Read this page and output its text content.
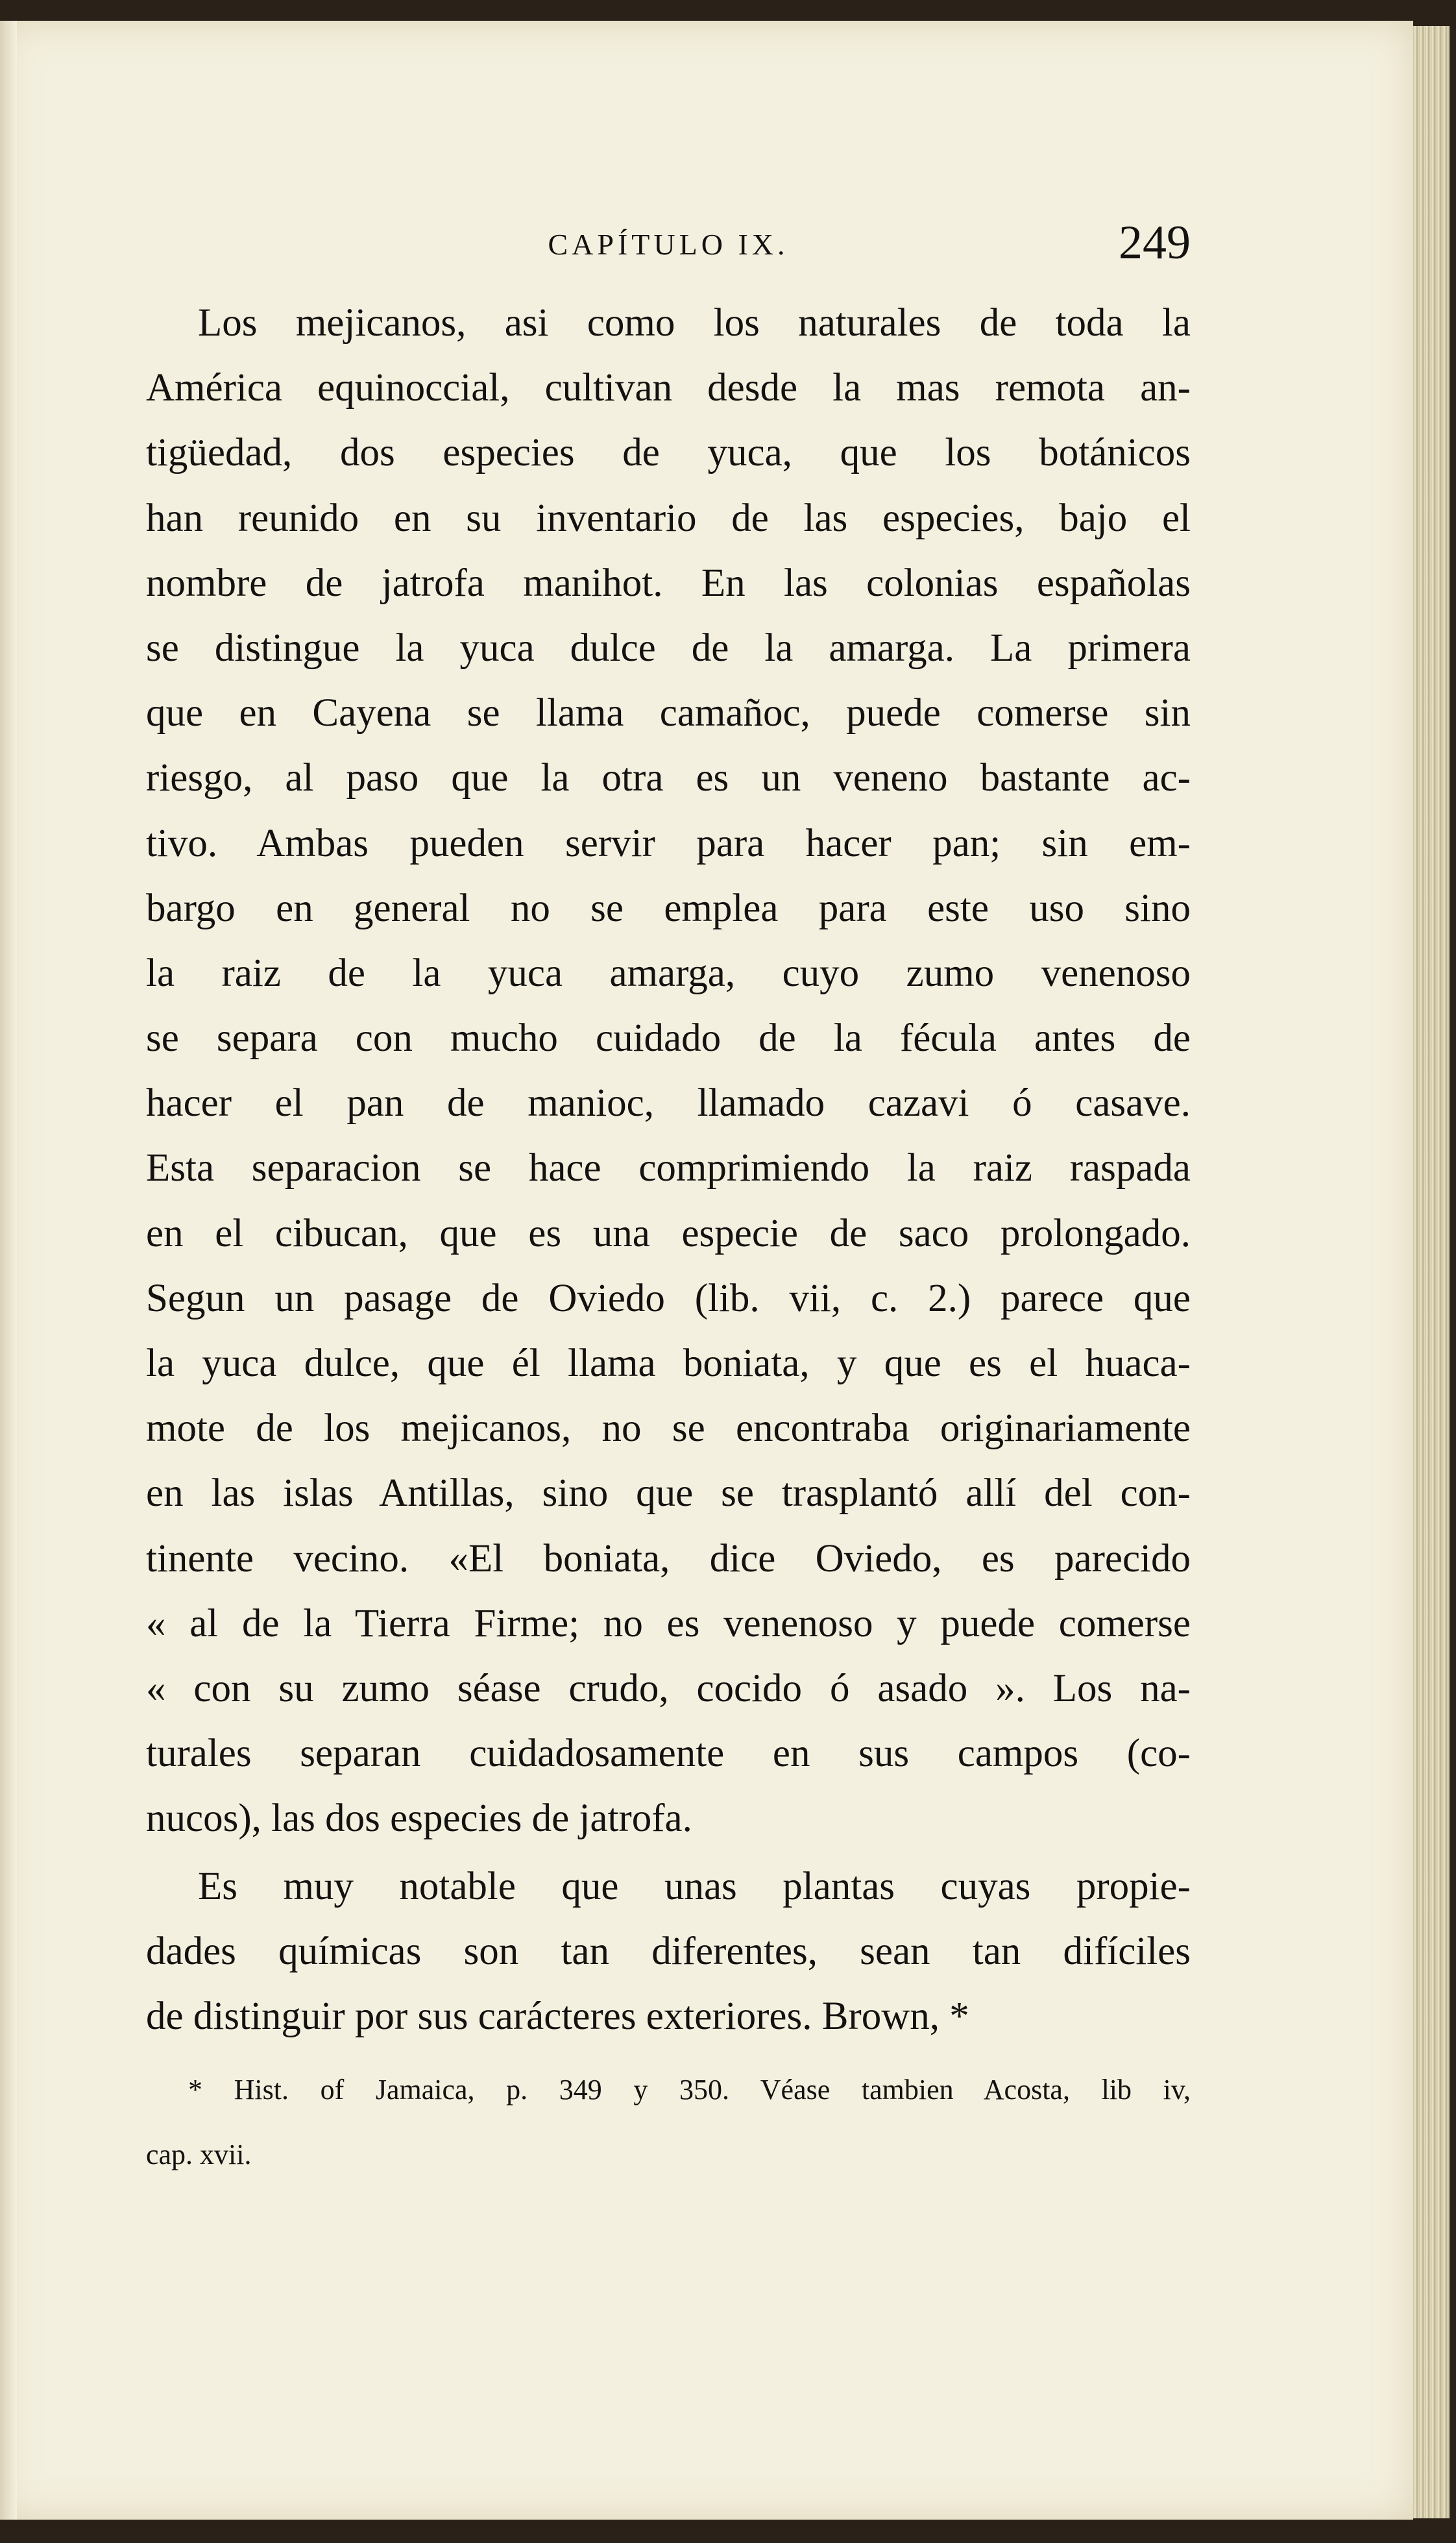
CAPÍTULO IX.	249
Los mejicanos, asi como los naturales de toda la
América equinoccial, cultivan desde la mas remota an-
tigüedad, dos especies de yuca, que los botánicos
han reunido en su inventario de las especies, bajo el
nombre de jatrofa manihot. En las colonias españolas
se distingue la yuca dulce de la amarga. La primera
que en Cayena se llama camañoc, puede comerse sin
riesgo, al paso que la otra es un veneno bastante ac-
tivo. Ambas pueden servir para hacer pan; sin em-
bargo en general no se emplea para este uso sino
la raiz de la yuca amarga, cuyo zumo venenoso
se separa con mucho cuidado de la fécula antes de
hacer el pan de manioc, llamado cazavi ó casave.
Esta separacion se hace comprimiendo la raiz raspada
en el cibucan, que es una especie de saco prolongado.
Segun un pasage de Oviedo (lib. vii, c. 2.) parece que
la yuca dulce, que él llama boniata, y que es el huaca-
mote de los mejicanos, no se encontraba originariamente
en las islas Antillas, sino que se trasplantó allí del con-
tinente vecino. «El boniata, dice Oviedo, es parecido
« al de la Tierra Firme; no es venenoso y puede comerse
« con su zumo séase crudo, cocido ó asado ». Los na-
turales separan cuidadosamente en sus campos (co-
nucos), las dos especies de jatrofa.
Es muy notable que unas plantas cuyas propie-
dades químicas son tan diferentes, sean tan difíciles
de distinguir por sus carácteres exteriores. Brown, *
* Hist. of Jamaica, p. 349 y 350. Véase tambien Acosta, lib iv,
cap. xvii.
